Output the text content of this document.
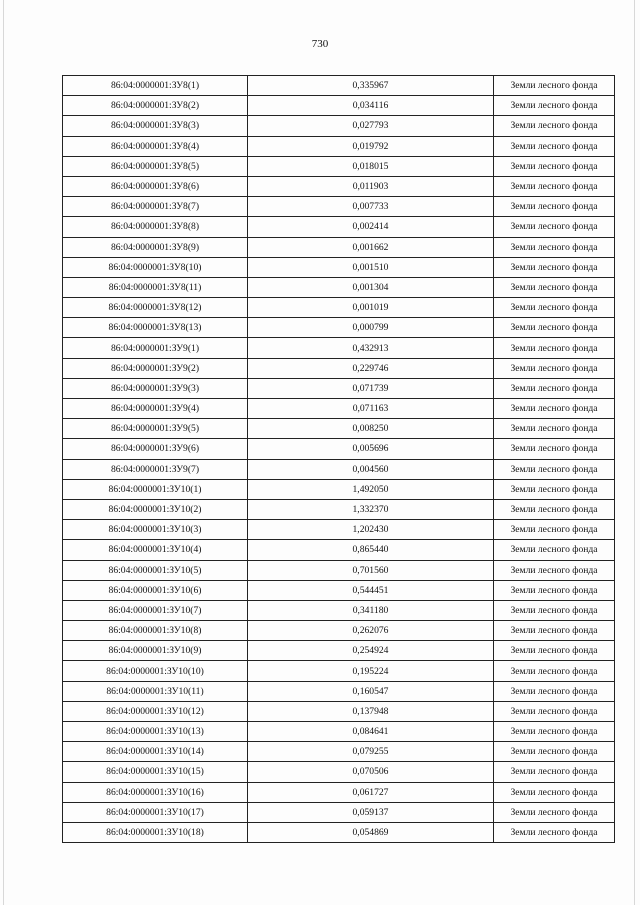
730
86:04:0000001:ЗУ8(1)	0,335967	Земли лесного фонда
86:04:0000001:ЗУ8(2)	0,034116	Земли лесного фонда
86:04:0000001:ЗУ8(3)	0,027793	Земли лесного фонда
86:04:0000001:ЗУ8(4)	0,019792	Земли лесного фонда
86:04:0000001:ЗУ8(5)	0,018015	Земли лесного фонда
86:04:0000001:ЗУ8(6)	0,011903	Земли лесного фонда
86:04:0000001:ЗУ8(7)	0,007733	Земли лесного фонда
86:04:0000001:ЗУ8(8)	0,002414	Земли лесного фонда
86:04:0000001:ЗУ8(9)	0,001662	Земли лесного фонда
86:04:0000001:ЗУ8(10)	0,001510	Земли лесного фонда
86:04:0000001:ЗУ8(11)	0,001304	Земли лесного фонда
86:04:0000001:ЗУ8(12)	0,001019	Земли лесного фонда
86:04:0000001:ЗУ8(13)	0,000799	Земли лесного фонда
86:04:0000001:ЗУ9(1)	0,432913	Земли лесного фонда
86:04:0000001:ЗУ9(2)	0,229746	Земли лесного фонда
86:04:0000001:ЗУ9(3)	0,071739	Земли лесного фонда
86:04:0000001:ЗУ9(4)	0,071163	Земли лесного фонда
86:04:0000001:ЗУ9(5)	0,008250	Земли лесного фонда
86:04:0000001:ЗУ9(6)	0,005696	Земли лесного фонда
86:04:0000001:ЗУ9(7)	0,004560	Земли лесного фонда
86:04:0000001:ЗУ10(1)	1,492050	Земли лесного фонда
86:04:0000001:ЗУ10(2)	1,332370	Земли лесного фонда
86:04:0000001:ЗУ10(3)	1,202430	Земли лесного фонда
86:04:0000001:ЗУ10(4)	0,865440	Земли лесного фонда
86:04:0000001:ЗУ10(5)	0,701560	Земли лесного фонда
86:04:0000001:ЗУ10(6)	0,544451	Земли лесного фонда
86:04:0000001:ЗУ10(7)	0,341180	Земли лесного фонда
86:04:0000001:ЗУ10(8)	0,262076	Земли лесного фонда
86:04:0000001:ЗУ10(9)	0,254924	Земли лесного фонда
86:04:0000001:ЗУ10(10)	0,195224	Земли лесного фонда
86:04:0000001:ЗУ10(11)	0,160547	Земли лесного фонда
86:04:0000001:ЗУ10(12)	0,137948	Земли лесного фонда
86:04:0000001:ЗУ10(13)	0,084641	Земли лесного фонда
86:04:0000001:ЗУ10(14)	0,079255	Земли лесного фонда
86:04:0000001:ЗУ10(15)	0,070506	Земли лесного фонда
86:04:0000001:ЗУ10(16)	0,061727	Земли лесного фонда
86:04:0000001:ЗУ10(17)	0,059137	Земли лесного фонда
86:04:0000001:ЗУ10(18)	0,054869	Земли лесного фонда
